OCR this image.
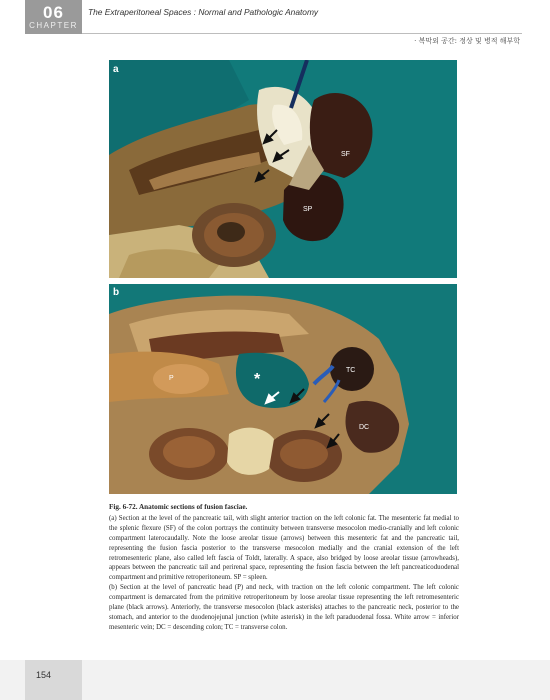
06
CHAPTER
The Extraperitoneal Spaces : Normal and Pathologic Anatomy
· 복막외 공간: 정상 및 병적 해부학
a
SF
SP
b
P	*
TC
DC
Fig. 6-72. Anatomic sections of fusion fasciae.

(a) Section at the level of the pancreatic tail, with slight anterior traction on the left colonic fat. The mesenteric fat medial to the splenic flexure (SF) of the colon portrays the continuity between transverse mesocolon medio-cranially and left colonic compartment laterocaudally. Note the loose areolar tissue (arrows) between this mesenteric fat and the pancreatic tail, representing the fusion fascia posterior to the transverse mesocolon medially and the cranial extension of the left retromesenteric plane, also called left fascia of Toldt, laterally. A space, also bridged by loose areolar tissue (arrowheads), appears between the pancreatic tail and perirenal space, representing the fusion fascia between the left pancreaticoduodenal compartment and primitive retroperitoneum. SP = spleen.

(b) Section at the level of pancreatic head (P) and neck, with traction on the left colonic compartment. The left colonic compartment is demarcated from the primitive retroperitoneum by loose areolar tissue representing the left retromesenteric plane (black arrows). Anteriorly, the transverse mesocolon (black asterisks) attaches to the pancreatic neck, posterior to the stomach, and anterior to the duodenojejunal junction (white asterisk) in the left paraduodenal fossa. White arrow = inferior mesenteric vein; DC = descending colon; TC = transverse colon.

154
